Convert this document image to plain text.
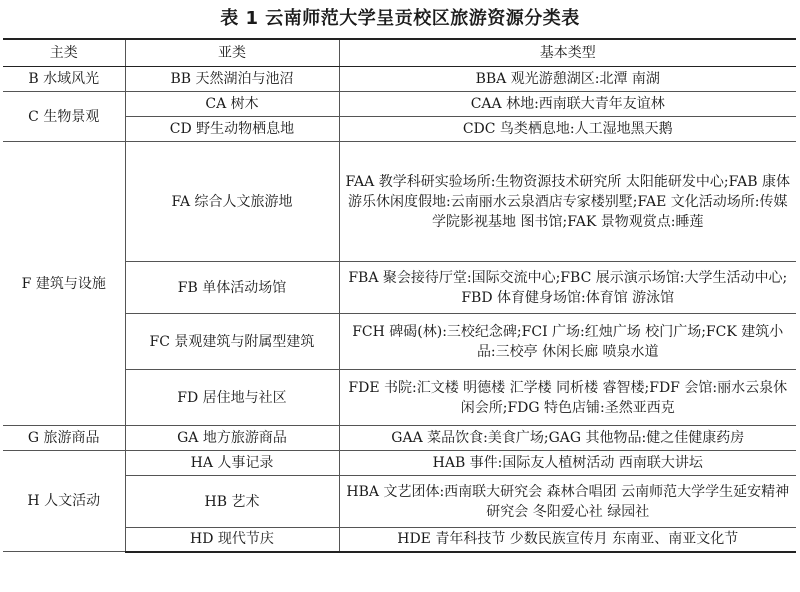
表 1 云南师范大学呈贡校区旅游资源分类表
主类	亚类	基本类型
B 水域风光	BB 天然湖泊与池沼	BBA 观光游憩湖区:北潭 南湖
C 生物景观	CA 树木	CAA 林地:西南联大青年友谊林
	CD 野生动物栖息地	CDC 鸟类栖息地:人工湿地黑天鹅
F 建筑与设施	FA 综合人文旅游地	FAA 教学科研实验场所:生物资源技术研究所 太阳能研发中心;FAB 康体游乐休闲度假地:云南丽水云泉酒店专家楼别墅;FAE 文化活动场所:传媒学院影视基地 图书馆;FAK 景物观赏点:睡莲
	FB 单体活动场馆	FBA 聚会接待厅堂:国际交流中心;FBC 展示演示场馆:大学生活动中心;FBD 体育健身场馆:体育馆 游泳馆
	FC 景观建筑与附属型建筑	FCH 碑碣(林):三校纪念碑;FCI 广场:红烛广场 校门广场;FCK 建筑小品:三校亭 休闲长廊 喷泉水道
	FD 居住地与社区	FDE 书院:汇文楼 明德楼 汇学楼 同析楼 睿智楼;FDF 会馆:丽水云泉休闲会所;FDG 特色店铺:圣然亚西克
G 旅游商品	GA 地方旅游商品	GAA 菜品饮食:美食广场;GAG 其他物品:健之佳健康药房
H 人文活动	HA 人事记录	HAB 事件:国际友人植树活动 西南联大讲坛
	HB 艺术	HBA 文艺团体:西南联大研究会 森林合唱团 云南师范大学学生延安精神研究会 冬阳爱心社 绿园社
	HD 现代节庆	HDE 青年科技节 少数民族宣传月 东南亚、南亚文化节
